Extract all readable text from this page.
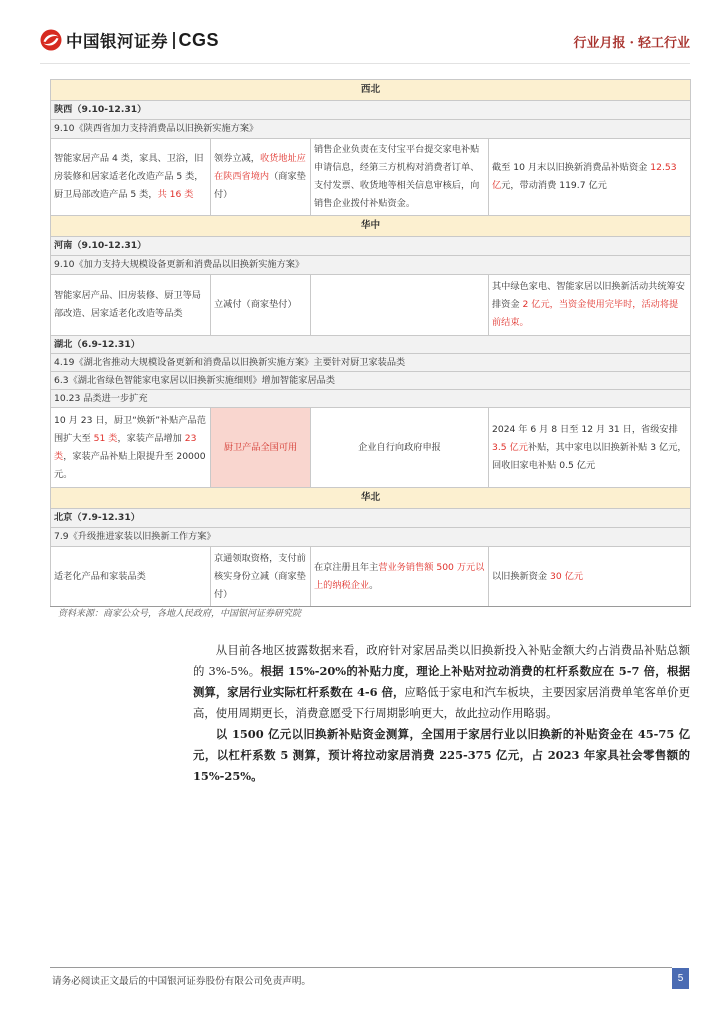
中国银河证券 CGS	行业月报 · 轻工行业
西北			
陕西（9.10-12.31）			
9.10《陕西省加力支持消费品以旧换新实施方案》			
智能家居产品 4 类，家具、卫浴，旧房装修和居家适老化改造产品 5 类，厨卫局部改造产品 5 类，共 16 类	领券立减，收货地址应在陕西省境内（商家垫付）	销售企业负责在支付宝平台提交家电补贴申请信息，经第三方机构对消费者订单、支付发票、收货地等相关信息审核后，向销售企业拨付补贴资金。	截至 10 月末以旧换新消费品补贴资金 12.53 亿元，带动消费 119.7 亿元
华中			
河南（9.10-12.31）			
9.10《加力支持大规模设备更新和消费品以旧换新实施方案》			
智能家居产品、旧房装修、厨卫等局部改造、居家适老化改造等品类	立减付（商家垫付）		其中绿色家电、智能家居以旧换新活动共统筹安排资金 2 亿元，当资金使用完毕时，活动将提前结束。
湖北（6.9-12.31）			
4.19《湖北省推动大规模设备更新和消费品以旧换新实施方案》主要针对厨卫家装品类			
6.3《湖北省绿色智能家电家居以旧换新实施细则》增加智能家居品类			
10.23 品类进一步扩充			
10 月 23 日，厨卫“焕新”补贴产品范围扩大至 51 类，家装产品增加 23 类，家装产品补贴上限提升至 20000 元。	厨卫产品全国可用	企业自行向政府申报	2024 年 6 月 8 日至 12 月 31 日，省级安排 3.5 亿元补贴，其中家电以旧换新补贴 3 亿元，回收旧家电补贴 0.5 亿元
华北			
北京（7.9-12.31）			
7.9《升级推进家装以旧换新工作方案》			
适老化产品和家装品类	京通领取资格，支付前核实身份立减（商家垫付）	在京注册且年主营业务销售额 500 万元以上的纳税企业。	以旧换新资金 30 亿元
资料来源：商家公众号，各地人民政府，中国银河证券研究院

从目前各地区披露数据来看，政府针对家居品类以旧换新投入补贴金额大约占消费品补贴总额的 3%-5%。根据 15%-20%的补贴力度，理论上补贴对拉动消费的杠杆系数应在 5-7 倍，根据测算，家居行业实际杠杆系数在 4-6 倍，应略低于家电和汽车板块，主要因家居消费单笔客单价更高，使用周期更长，消费意愿受下行周期影响更大，故此拉动作用略弱。

以 1500 亿元以旧换新补贴资金测算，全国用于家居行业以旧换新的补贴资金在 45-75 亿元，以杠杆系数 5 测算，预计将拉动家居消费 225-375 亿元，占 2023 年家具社会零售额的 15%-25%。

请务必阅读正文最后的中国银河证券股份有限公司免责声明。	5
